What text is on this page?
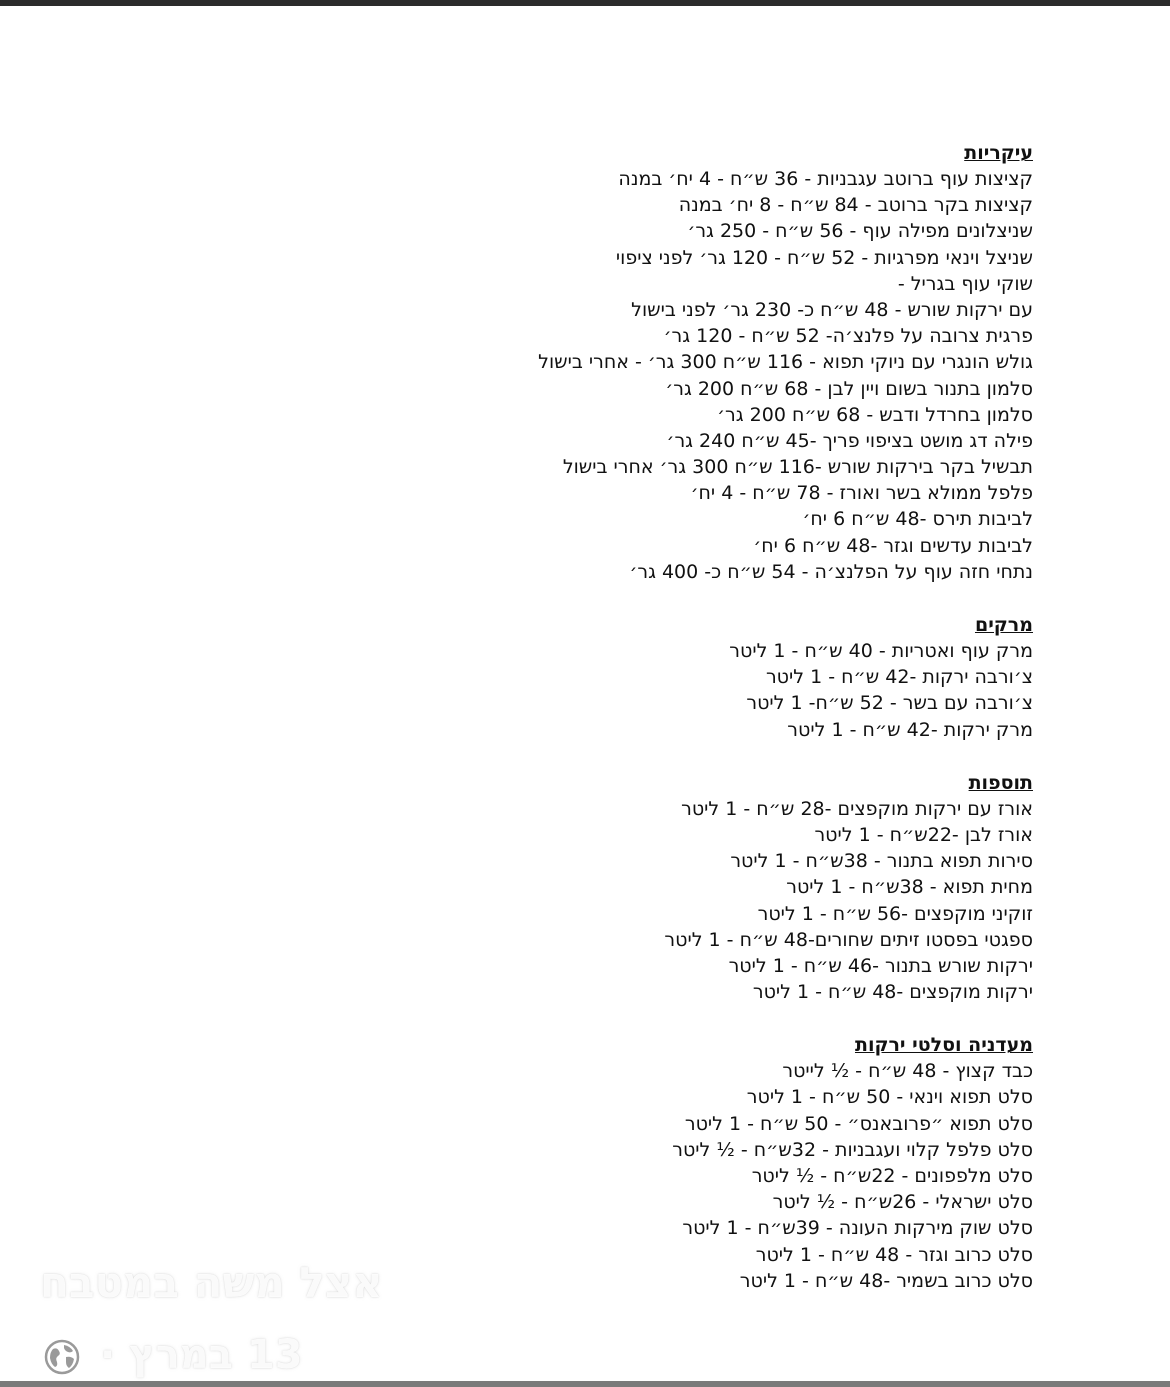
עיקריות
קציצות עוף ברוטב עגבניות - 36 ש״ח - 4 יח׳ במנה
קציצות בקר ברוטב - 84 ש״ח - 8 יח׳ במנה
שניצלונים מפילה עוף - 56 ש״ח - 250 גר׳
שניצל וינאי מפרגיות - 52 ש״ח - 120 גר׳ לפני ציפוי
שוקי עוף בגריל -
עם ירקות שורש - 48 ש״ח כ- 230 גר׳ לפני בישול
פרגית צרובה על פלנצ׳ה- 52 ש״ח - 120 גר׳
גולש הונגרי עם ניוקי תפוא - 116 ש״ח 300 גר׳ - אחרי בישול
סלמון בתנור בשום ויין לבן - 68 ש״ח 200 גר׳
סלמון בחרדל ודבש - 68 ש״ח 200 גר׳
פילה דג מושט בציפוי פריך -45 ש״ח 240 גר׳
תבשיל בקר בירקות שורש -116 ש״ח 300 גר׳ אחרי בישול
פלפל ממולא בשר ואורז - 78 ש״ח - 4 יח׳
לביבות תירס -48 ש״ח 6 יח׳
לביבות עדשים וגזר -48 ש״ח 6 יח׳
נתחי חזה עוף על הפלנצ׳ה - 54 ש״ח כ- 400 גר׳
מרקים
מרק עוף ואטריות - 40 ש״ח - 1 ליטר
צ׳ורבה ירקות -42 ש״ח - 1 ליטר
צ׳ורבה עם בשר - 52 ש״ח- 1 ליטר
מרק ירקות -42 ש״ח - 1 ליטר
תוספות
אורז עם ירקות מוקפצים -28 ש״ח - 1 ליטר
אורז לבן -22ש״ח - 1 ליטר
סירות תפוא בתנור - 38ש״ח - 1 ליטר
מחית תפוא - 38ש״ח - 1 ליטר
זוקיני מוקפצים -56 ש״ח - 1 ליטר
ספגטי בפסטו זיתים שחורים-48 ש״ח - 1 ליטר
ירקות שורש בתנור -46 ש״ח - 1 ליטר
ירקות מוקפצים -48 ש״ח - 1 ליטר
מעדניה וסלטי ירקות
כבד קצוץ - 48 ש״ח - ½ לייטר
סלט תפוא וינאי - 50 ש״ח - 1 ליטר
סלט תפוא ״פרובאנס״ - 50 ש״ח - 1 ליטר
סלט פלפל קלוי ועגבניות - 32ש״ח - ½ ליטר
סלט מלפפונים - 22ש״ח - ½ ליטר
סלט ישראלי - 26ש״ח - ½ ליטר
סלט שוק מירקות העונה - 39ש״ח - 1 ליטר
סלט כרוב וגזר - 48 ש״ח - 1 ליטר
סלט כרוב בשמיר -48 ש״ח - 1 ליטר
אצל משה במטבח
13 במרץ ·
